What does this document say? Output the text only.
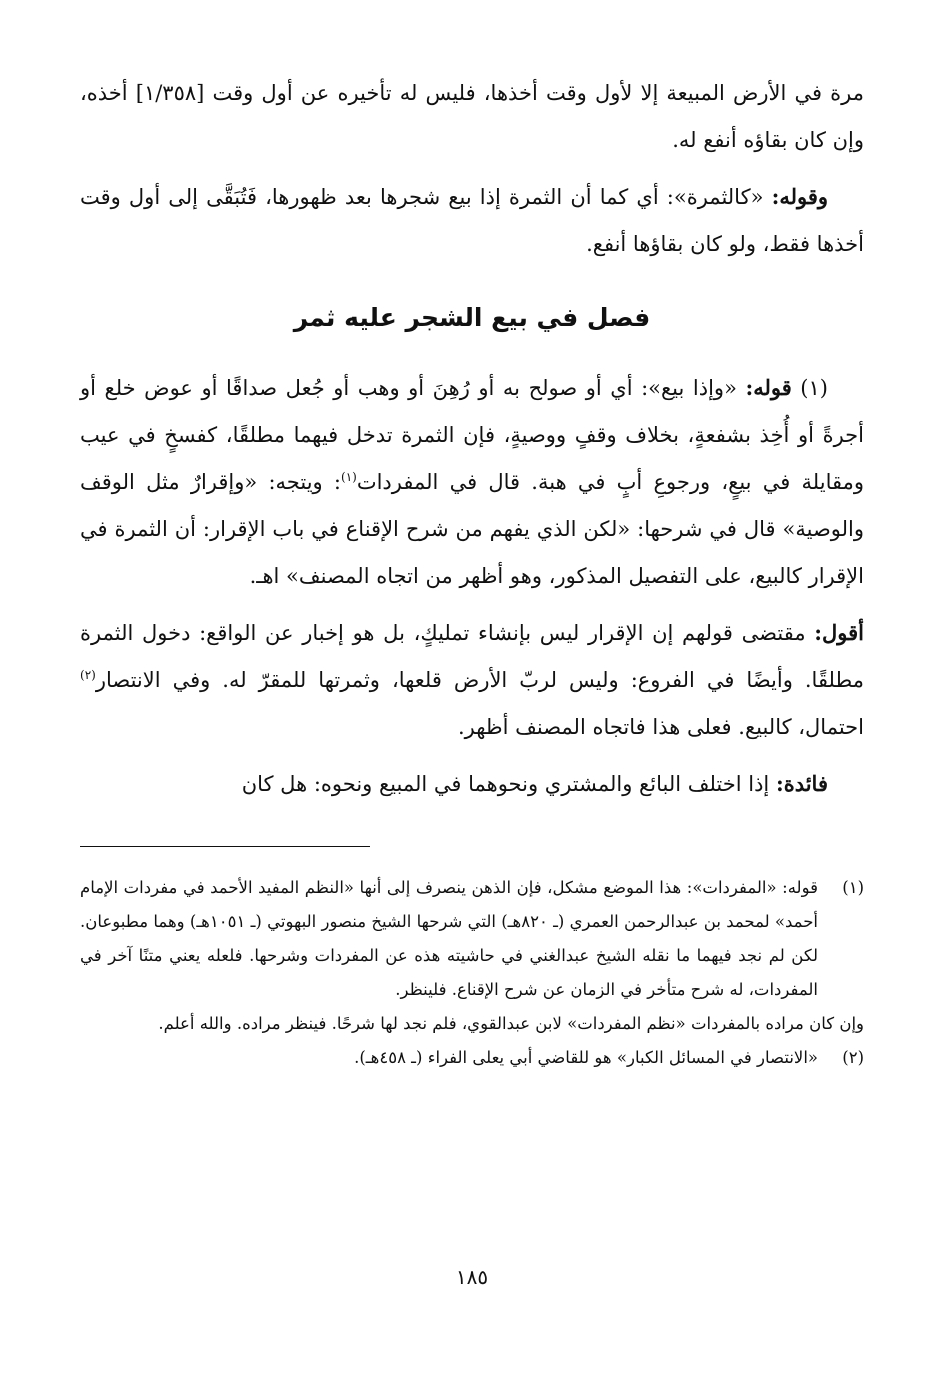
مرة في الأرض المبيعة إلا لأول وقت أخذها، فليس له تأخيره عن أول وقت [١/٣٥٨] أخذه، وإن كان بقاؤه أنفع له.

وقوله: «كالثمرة»: أي كما أن الثمرة إذا بيع شجرها بعد ظهورها، فَتُبَقَّى إلى أول وقت أخذها فقط، ولو كان بقاؤها أنفع.

فصل في بيع الشجر عليه ثمر

(١) قوله: «وإذا بيع»: أي أو صولح به أو رُهِنَ أو وهب أو جُعل صداقًا أو عوض خلع أو أجرةً أو أُخِذ بشفعةٍ، بخلاف وقفٍ ووصيةٍ، فإن الثمرة تدخل فيهما مطلقًا، كفسخٍ في عيب ومقايلة في بيعٍ، ورجوعِ أبٍ في هبة. قال في المفردات$^{(١)}$: ويتجه: «وإقرارٌ مثل الوقف والوصية» قال في شرحها: «لكن الذي يفهم من شرح الإقناع في باب الإقرار: أن الثمرة في الإقرار كالبيع، على التفصيل المذكور، وهو أظهر من اتجاه المصنف» اهـ.

أقول: مقتضى قولهم إن الإقرار ليس بإنشاء تمليكٍ، بل هو إخبار عن الواقع: دخول الثمرة مطلقًا. وأيضًا في الفروع: وليس لربّ الأرض قلعها، وثمرتها للمقرّ له. وفي الانتصار$^{(٢)}$ احتمال، كالبيع. فعلى هذا فاتجاه المصنف أظهر.

فائدة: إذا اختلف البائع والمشتري ونحوهما في المبيع ونحوه: هل كان

(١)
قوله: «المفردات»: هذا الموضع مشكل، فإن الذهن ينصرف إلى أنها «النظم المفيد الأحمد في مفردات الإمام أحمد» لمحمد بن عبدالرحمن العمري (ـ ٨٢٠هـ) التي شرحها الشيخ منصور البهوتي (ـ ١٠٥١هـ) وهما مطبوعان. لكن لم نجد فيهما ما نقله الشيخ عبدالغني في حاشيته هذه عن المفردات وشرحها. فلعله يعني متنًا آخر في المفردات، له شرح متأخر في الزمان عن شرح الإقناع. فلينظر.
وإن كان مراده بالمفردات «نظم المفردات» لابن عبدالقوي، فلم نجد لها شرحًا. فينظر مراده. والله أعلم.
(٢)
«الانتصار في المسائل الكبار» هو للقاضي أبي يعلى الفراء (ـ ٤٥٨هـ).
١٨٥
